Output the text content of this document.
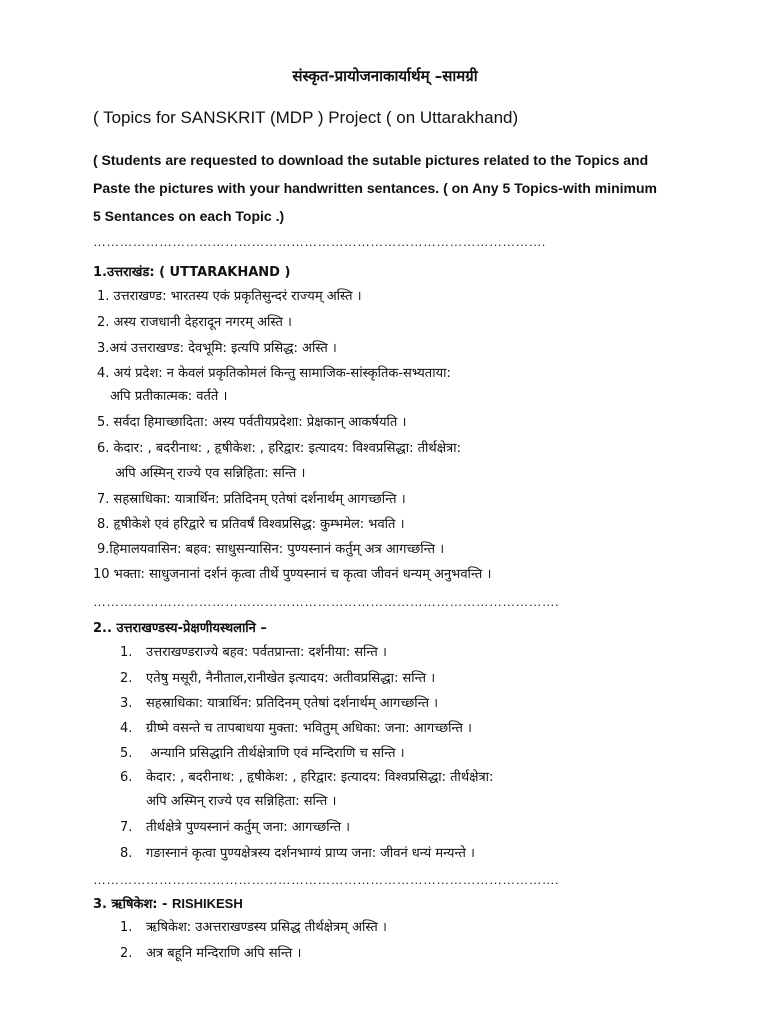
संस्कृत-प्रायोजनाकार्यार्थम् –सामग्री
( Topics for SANSKRIT (MDP ) Project ( on Uttarakhand)
( Students are requested to download the sutable pictures related to the Topics and
Paste the pictures with your handwritten sentances. ( on Any 5 Topics-with minimum
5 Sentances on each Topic .)
………………………………………………………………………………………….
1.उत्तराखंड: ( UTTARAKHAND )
1. उत्तराखण्ड: भारतस्य एकं प्रकृतिसुन्दरं राज्यम् अस्ति ।
2. अस्य राजधानी देहरादून नगरम् अस्ति ।
3.अयं उत्तराखण्ड: देवभूमि: इत्यपि प्रसिद्ध: अस्ति ।
4. अयं प्रदेश: न केवलं प्रकृतिकोमलं किन्तु सामाजिक-सांस्कृतिक-सभ्यताया:
अपि प्रतीकात्मक: वर्तते ।
5. सर्वदा हिमाच्छादिता: अस्य पर्वतीयप्रदेशा: प्रेक्षकान् आकर्षयति ।
6. केदार: , बदरीनाथ: , हृषीकेश: , हरिद्वार: इत्यादय: विश्वप्रसिद्धा: तीर्थक्षेत्रा:
अपि अस्मिन् राज्ये एव सन्निहिता: सन्ति ।
7. सहस्राधिका: यात्रार्थिन: प्रतिदिनम् एतेषां दर्शनार्थम् आगच्छन्ति ।
8. हृषीकेशे एवं हरिद्वारे च प्रतिवर्षं विश्वप्रसिद्ध: कुम्भमेल: भवति ।
9.हिमालयवासिन: बहव: साधुसन्यासिन: पुण्यस्नानं कर्तुम् अत्र आगच्छन्ति ।
10 भक्ता: साधुजनानां दर्शनं कृत्वा तीर्थे पुण्यस्नानं च कृत्वा जीवनं धन्यम् अनुभवन्ति ।
…………………………………………………………………………………………….
2.. उत्तराखण्डस्य-प्रेक्षणीयस्थलानि –
1. उत्तराखण्डराज्ये बहव: पर्वतप्रान्ता: दर्शनीया: सन्ति ।
2. एतेषु मसूरी, नैनीताल,रानीखेत इत्यादय: अतीवप्रसिद्धा: सन्ति ।
3. सहस्राधिका: यात्रार्थिन: प्रतिदिनम् एतेषां दर्शनार्थम् आगच्छन्ति ।
4. ग्रीष्मे वसन्ते च तापबाधया मुक्ता: भवितुम् अधिका: जना: आगच्छन्ति ।
5. अन्यानि प्रसिद्धानि तीर्थक्षेत्राणि एवं मन्दिराणि च सन्ति ।
6. केदार: , बदरीनाथ: , हृषीकेश: , हरिद्वार: इत्यादय: विश्वप्रसिद्धा: तीर्थक्षेत्रा:
अपि अस्मिन् राज्ये एव सन्निहिता: सन्ति ।
7. तीर्थक्षेत्रे पुण्यस्नानं कर्तुम् जना: आगच्छन्ति ।
8. गङास्नानं कृत्वा पुण्यक्षेत्रस्य दर्शनभाग्यं प्राप्य जना: जीवनं धन्यं मन्यन्ते ।
…………………………………………………………………………………………….
3. ऋषिकेश: - RISHIKESH
1. ऋषिकेश: उअत्तराखण्डस्य प्रसिद्ध तीर्थक्षेत्रम् अस्ति ।
2. अत्र बहूनि मन्दिराणि अपि सन्ति ।
